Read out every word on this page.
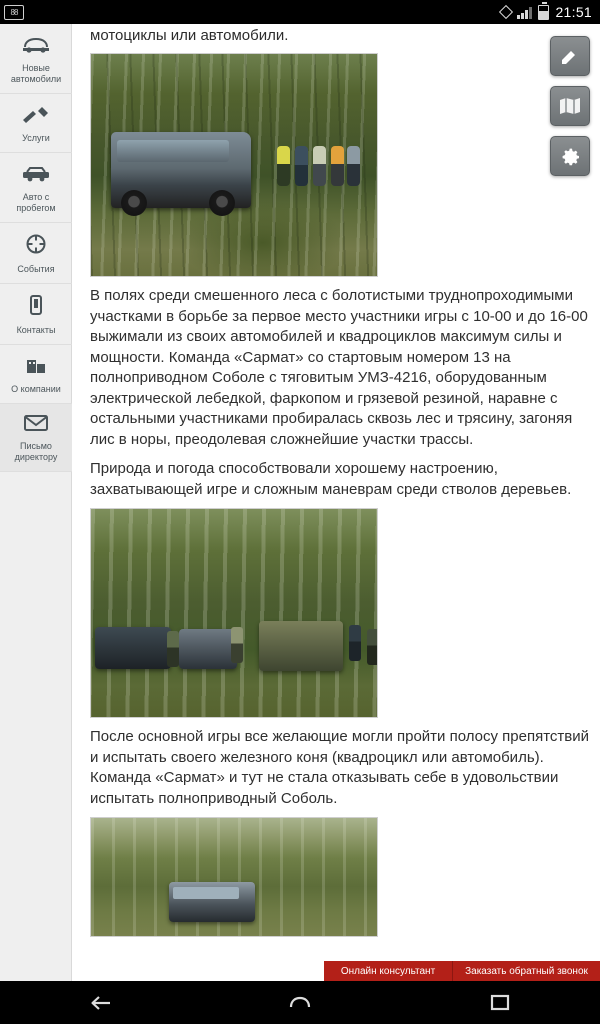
88	21:51
Новые автомобили
Услуги
Авто с пробегом
События
Контакты
О компании
Письмо директору
мотоциклы или автомобили.

В полях среди смешенного леса с болотистыми труднопроходимыми участками в борьбе за первое место участники игры с 10-00 и до 16-00 выжимали из своих автомобилей и квадроциклов максимум силы и мощности. Команда «Сармат» со стартовым номером 13 на полноприводном Соболе с тяговитым УМЗ-4216, оборудованным электрической лебедкой, фаркопом и грязевой резиной, наравне с остальными участниками пробиралась сквозь лес и трясину, загоняя лис в норы, преодолевая сложнейшие участки трассы.

Природа и погода способствовали хорошему настроению, захватывающей игре и сложным маневрам среди стволов деревьев.

После основной игры все желающие могли пройти полосу препятствий и испытать своего железного коня (квадроцикл или автомобиль). Команда «Сармат» и тут не стала отказывать себе в удовольствии испытать полноприводный Соболь.

Онлайн консультант	Заказать обратный звонок
